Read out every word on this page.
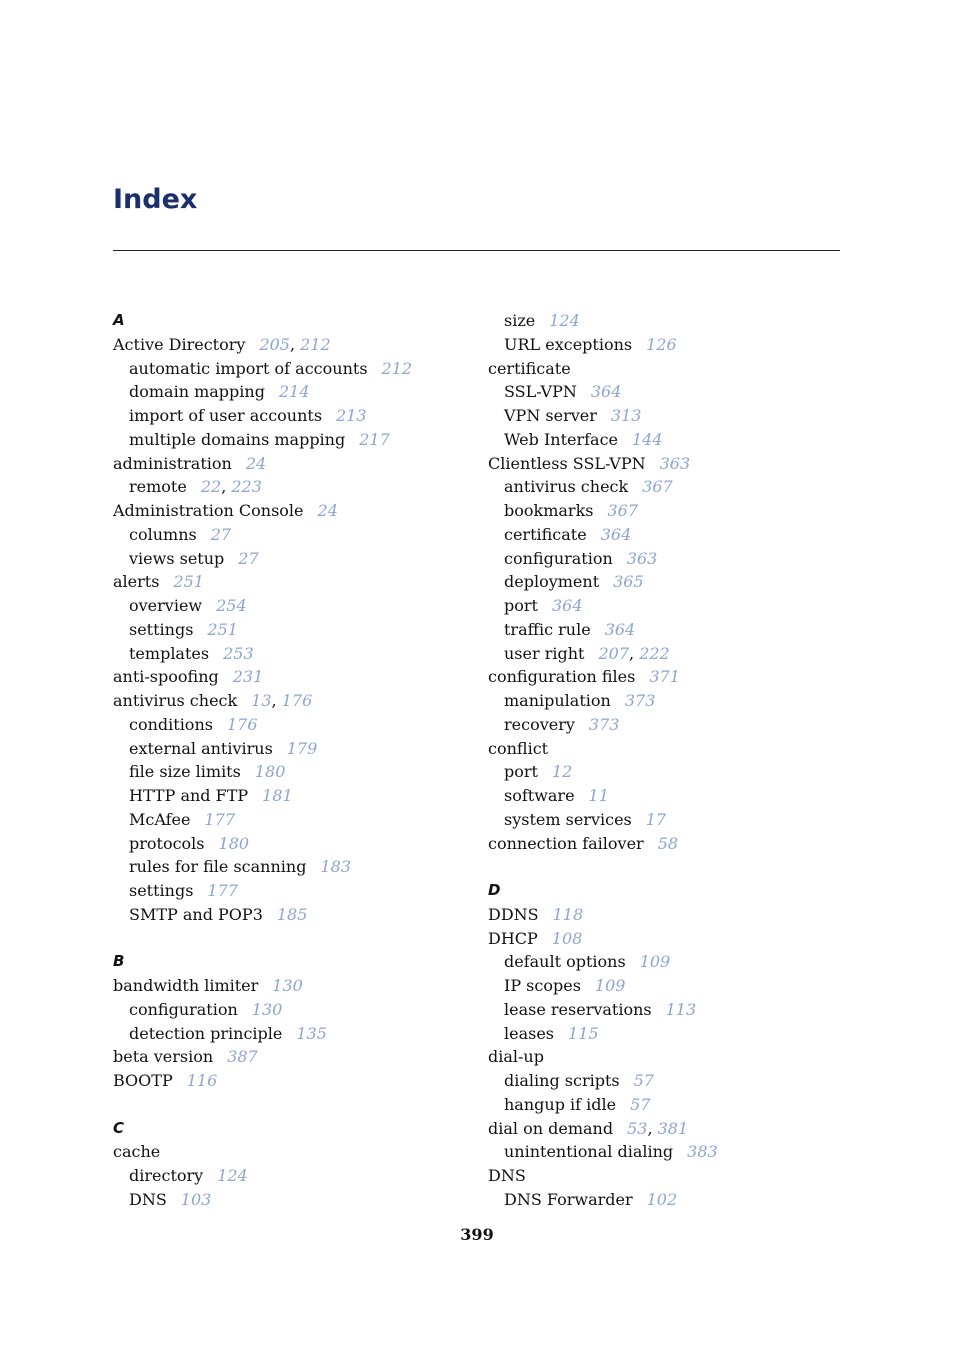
Index
A
Active Directory 205, 212
automatic import of accounts 212
domain mapping 214
import of user accounts 213
multiple domains mapping 217
administration 24
remote 22, 223
Administration Console 24
columns 27
views setup 27
alerts 251
overview 254
settings 251
templates 253
anti-spoofing 231
antivirus check 13, 176
conditions 176
external antivirus 179
file size limits 180
HTTP and FTP 181
McAfee 177
protocols 180
rules for file scanning 183
settings 177
SMTP and POP3 185
B
bandwidth limiter 130
configuration 130
detection principle 135
beta version 387
BOOTP 116
C
cache
directory 124
DNS 103
size 124
URL exceptions 126
certificate
SSL-VPN 364
VPN server 313
Web Interface 144
Clientless SSL-VPN 363
antivirus check 367
bookmarks 367
certificate 364
configuration 363
deployment 365
port 364
traffic rule 364
user right 207, 222
configuration files 371
manipulation 373
recovery 373
conflict
port 12
software 11
system services 17
connection failover 58
D
DDNS 118
DHCP 108
default options 109
IP scopes 109
lease reservations 113
leases 115
dial-up
dialing scripts 57
hangup if idle 57
dial on demand 53, 381
unintentional dialing 383
DNS
DNS Forwarder 102
399
